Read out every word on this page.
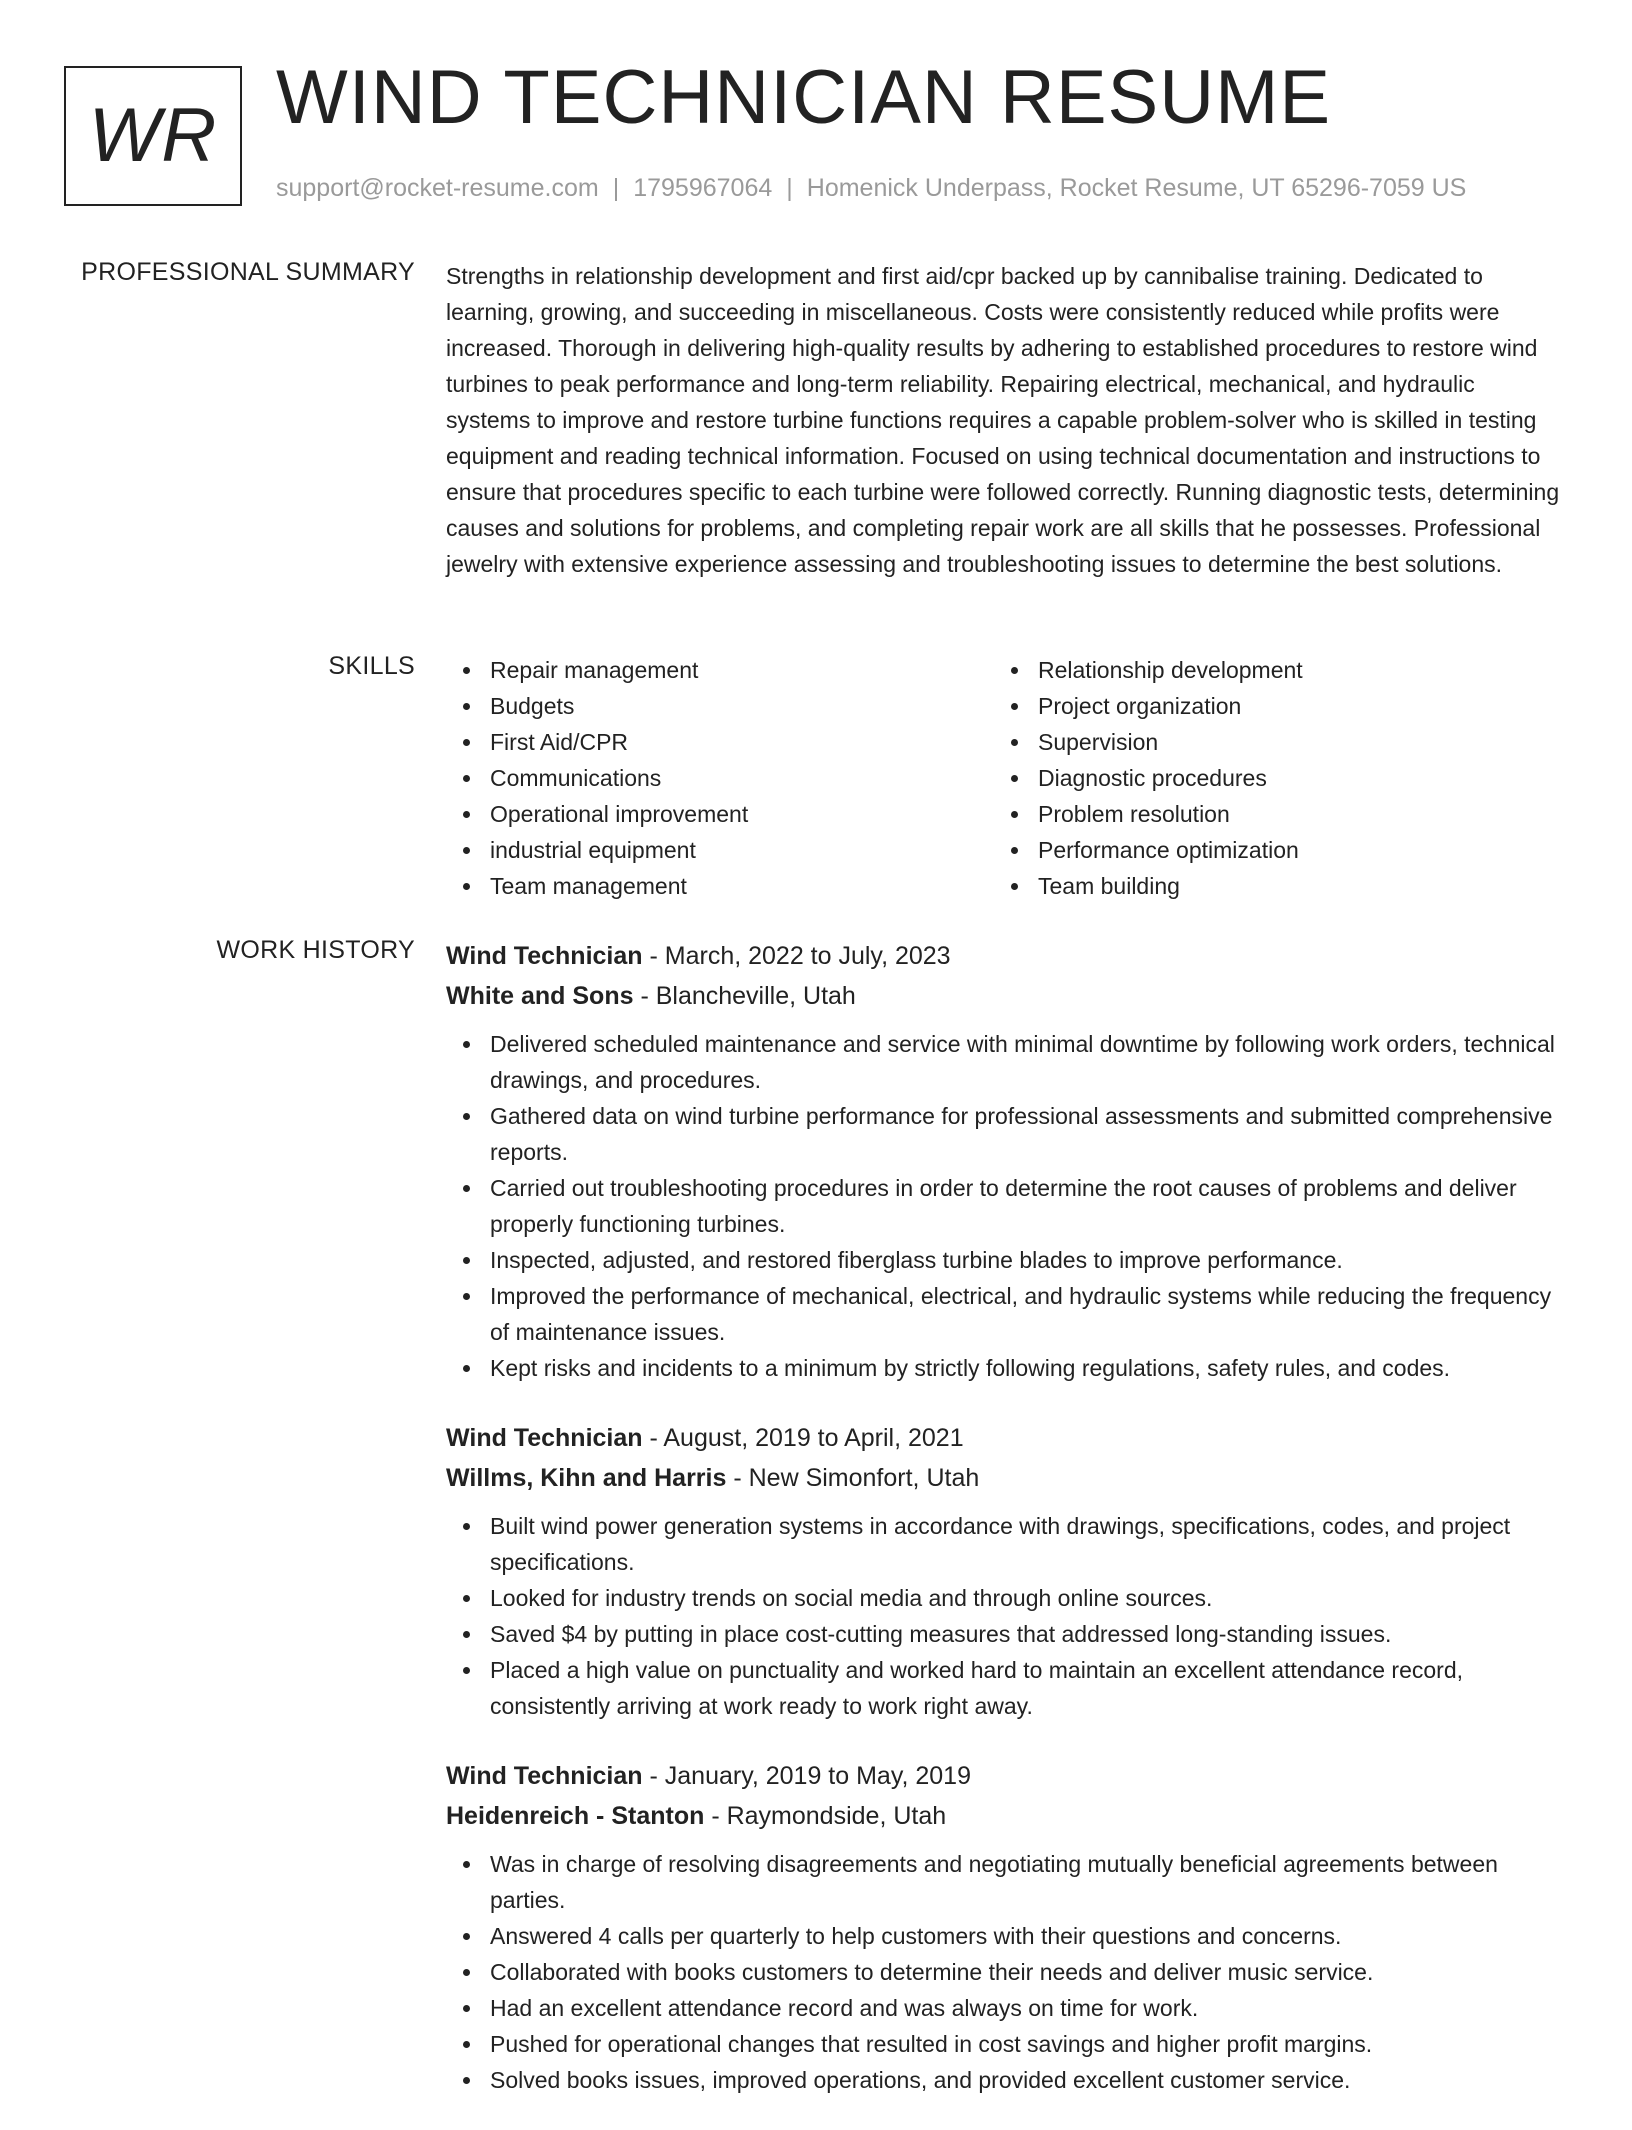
WR WIND TECHNICIAN RESUME
support@rocket-resume.com | 1795967064 | Homenick Underpass, Rocket Resume, UT 65296-7059 US
PROFESSIONAL SUMMARY Strengths in relationship development and first aid/cpr backed up by cannibalise training. Dedicated to learning, growing, and succeeding in miscellaneous. Costs were consistently reduced while profits were increased. Thorough in delivering high-quality results by adhering to established procedures to restore wind turbines to peak performance and long-term reliability. Repairing electrical, mechanical, and hydraulic systems to improve and restore turbine functions requires a capable problem-solver who is skilled in testing equipment and reading technical information. Focused on using technical documentation and instructions to ensure that procedures specific to each turbine were followed correctly. Running diagnostic tests, determining causes and solutions for problems, and completing repair work are all skills that he possesses. Professional jewelry with extensive experience assessing and troubleshooting issues to determine the best solutions.

SKILLS	Repair management
Budgets
First Aid/CPR
Communications
Operational improvement
industrial equipment
Team management
Relationship development
Project organization
Supervision
Diagnostic procedures
Problem resolution
Performance optimization
Team building
WORK HISTORY Wind Technician - March, 2022 to July, 2023
White and Sons - Blancheville, Utah
Delivered scheduled maintenance and service with minimal downtime by following work orders, technical drawings, and procedures.
Gathered data on wind turbine performance for professional assessments and submitted comprehensive reports.
Carried out troubleshooting procedures in order to determine the root causes of problems and deliver properly functioning turbines.
Inspected, adjusted, and restored fiberglass turbine blades to improve performance.
Improved the performance of mechanical, electrical, and hydraulic systems while reducing the frequency of maintenance issues.
Kept risks and incidents to a minimum by strictly following regulations, safety rules, and codes.
Wind Technician - August, 2019 to April, 2021
Willms, Kihn and Harris - New Simonfort, Utah
Built wind power generation systems in accordance with drawings, specifications, codes, and project specifications.
Looked for industry trends on social media and through online sources.
Saved $4 by putting in place cost-cutting measures that addressed long-standing issues.
Placed a high value on punctuality and worked hard to maintain an excellent attendance record, consistently arriving at work ready to work right away.
Wind Technician - January, 2019 to May, 2019
Heidenreich - Stanton - Raymondside, Utah
Was in charge of resolving disagreements and negotiating mutually beneficial agreements between parties.
Answered 4 calls per quarterly to help customers with their questions and concerns.
Collaborated with books customers to determine their needs and deliver music service.
Had an excellent attendance record and was always on time for work.
Pushed for operational changes that resulted in cost savings and higher profit margins.
Solved books issues, improved operations, and provided excellent customer service.
